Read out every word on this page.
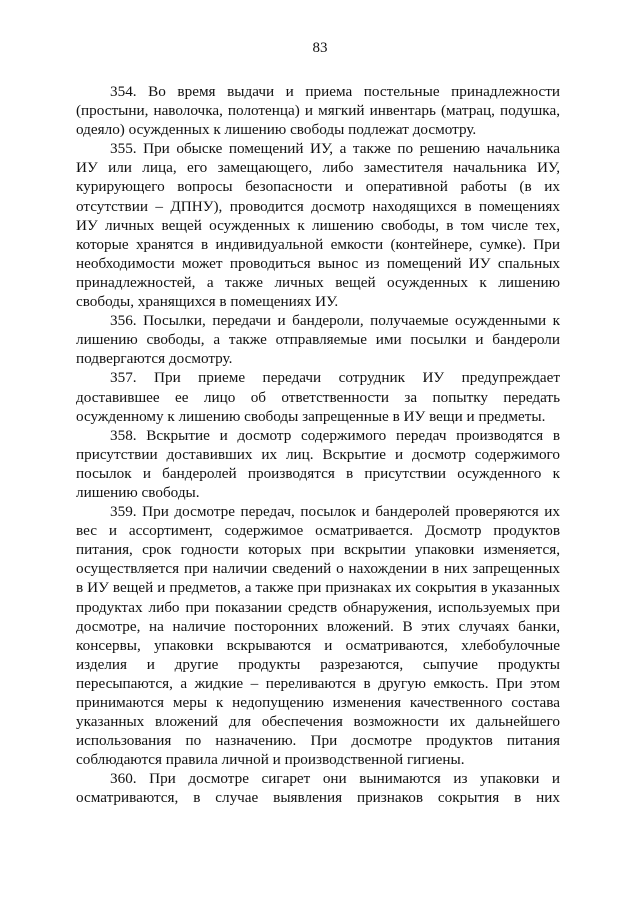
83

354. Во время выдачи и приема постельные принадлежности (простыни, наволочка, полотенца) и мягкий инвентарь (матрац, подушка, одеяло) осужденных к лишению свободы подлежат досмотру.

355. При обыске помещений ИУ, а также по решению начальника ИУ или лица, его замещающего, либо заместителя начальника ИУ, курирующего вопросы безопасности и оперативной работы (в их отсутствии – ДПНУ), проводится досмотр находящихся в помещениях ИУ личных вещей осужденных к лишению свободы, в том числе тех, которые хранятся в индивидуальной емкости (контейнере, сумке). При необходимости может проводиться вынос из помещений ИУ спальных принадлежностей, а также личных вещей осужденных к лишению свободы, хранящихся в помещениях ИУ.

356. Посылки, передачи и бандероли, получаемые осужденными к лишению свободы, а также отправляемые ими посылки и бандероли подвергаются досмотру.

357. При приеме передачи сотрудник ИУ предупреждает доставившее ее лицо об ответственности за попытку передать осужденному к лишению свободы запрещенные в ИУ вещи и предметы.

358. Вскрытие и досмотр содержимого передач производятся в присутствии доставивших их лиц. Вскрытие и досмотр содержимого посылок и бандеролей производятся в присутствии осужденного к лишению свободы.

359. При досмотре передач, посылок и бандеролей проверяются их вес и ассортимент, содержимое осматривается. Досмотр продуктов питания, срок годности которых при вскрытии упаковки изменяется, осуществляется при наличии сведений о нахождении в них запрещенных в ИУ вещей и предметов, а также при признаках их сокрытия в указанных продуктах либо при показании средств обнаружения, используемых при досмотре, на наличие посторонних вложений. В этих случаях банки, консервы, упаковки вскрываются и осматриваются, хлебобулочные изделия и другие продукты разрезаются, сыпучие продукты пересыпаются, а жидкие – переливаются в другую емкость. При этом принимаются меры к недопущению изменения качественного состава указанных вложений для обеспечения возможности их дальнейшего использования по назначению. При досмотре продуктов питания соблюдаются правила личной и производственной гигиены.

360. При досмотре сигарет они вынимаются из упаковки и осматриваются, в случае выявления признаков сокрытия в них
